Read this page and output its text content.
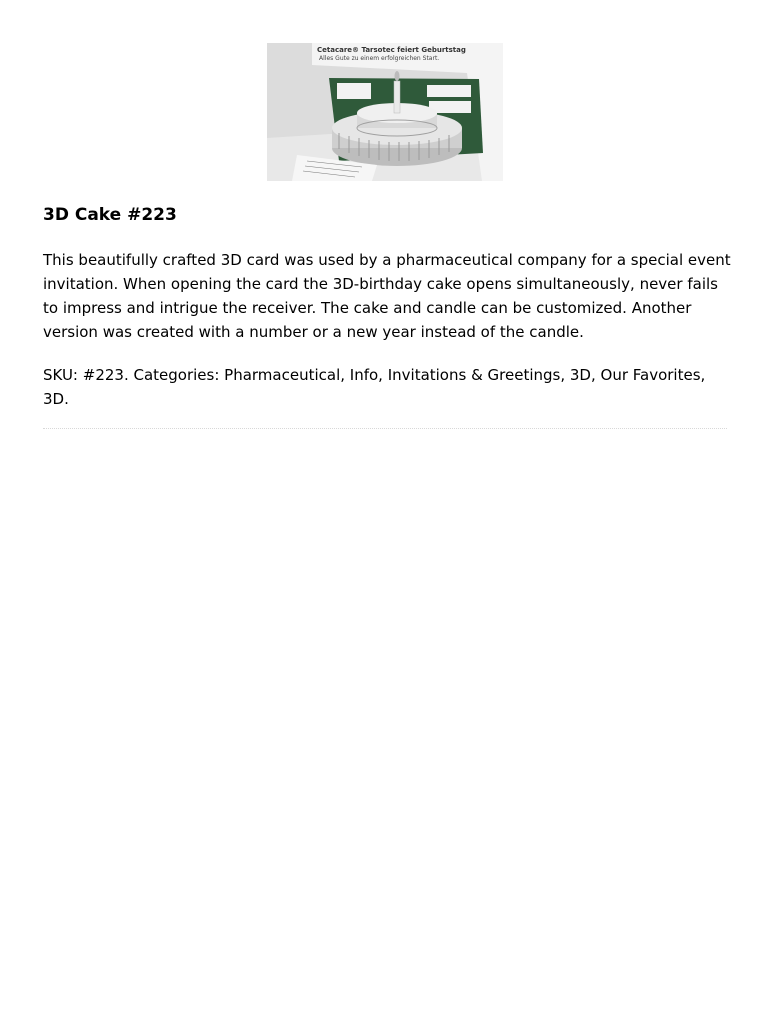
Cetacare® Tarsotec feiert Geburtstag
Alles Gute zu einem erfolgreichen Start.
3D Cake #223

This beautifully crafted 3D card was used by a pharmaceutical company for a special event invitation. When opening the card the 3D-birthday cake opens simultaneously, never fails to impress and intrigue the receiver. The cake and candle can be customized. Another version was created with a number or a new year instead of the candle.

SKU: #223. Categories: Pharmaceutical, Info, Invitations & Greetings, 3D, Our Favorites, 3D.
